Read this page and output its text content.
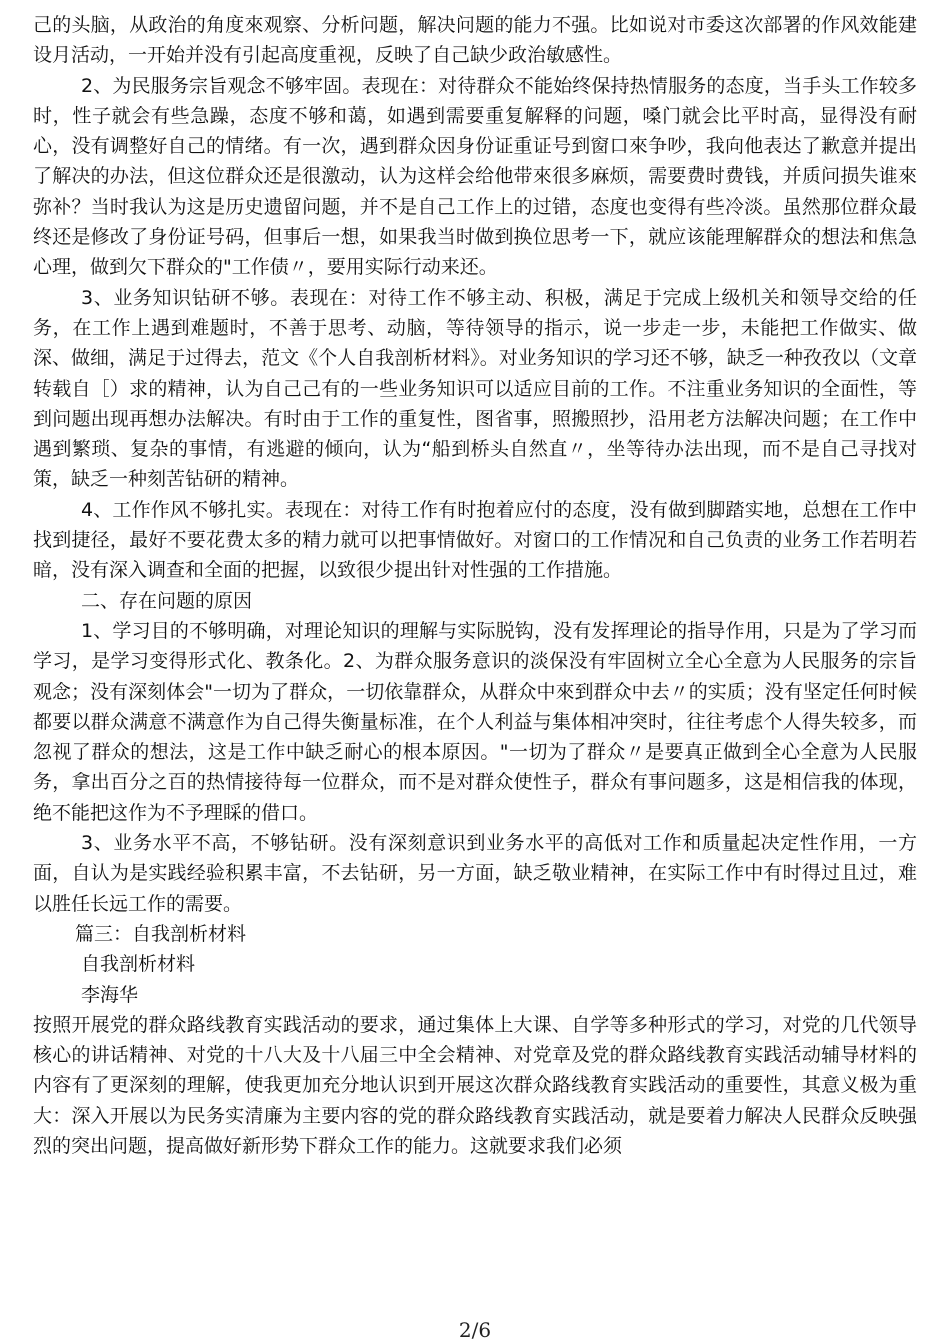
己的头脑，从政治的角度來观察、分析问题，解决问题的能力不强。比如说对市委这次部署的作风效能建设月活动，一开始并没有引起高度重视，反映了自己缺少政治敏感性。

2、为民服务宗旨观念不够牢固。表现在：对待群众不能始终保持热情服务的态度，当手头工作较多时，性子就会有些急躁，态度不够和蔼，如遇到需要重复解释的问题，嗓门就会比平时高，显得没有耐心，没有调整好自己的情绪。有一次，遇到群众因身份证重证号到窗口來争吵，我向他表达了歉意并提出了解决的办法，但这位群众还是很激动，认为这样会给他带來很多麻烦，需要费时费钱，并质问损失谁來弥补？当时我认为这是历史遗留问题，并不是自己工作上的过错，态度也变得有些冷淡。虽然那位群众最终还是修改了身份证号码，但事后一想，如果我当时做到换位思考一下，就应该能理解群众的想法和焦急心理，做到欠下群众的"工作债〃，要用实际行动来还。

3、业务知识钻研不够。表现在：对待工作不够主动、积极，满足于完成上级机关和领导交给的任务，在工作上遇到难题时，不善于思考、动脑，等待领导的指示，说一步走一步，未能把工作做实、做深、做细，满足于过得去，范文《个人自我剖析材料》。对业务知识的学习还不够，缺乏一种孜孜以（文章转载自［）求的精神，认为自己己有的一些业务知识可以适应目前的工作。不注重业务知识的全面性，等到问题出现再想办法解决。有时由于工作的重复性，图省事，照搬照抄，沿用老方法解决问题；在工作中遇到繁琐、复杂的事情，有逃避的倾向，认为“船到桥头自然直〃，坐等待办法出现，而不是自己寻找对策，缺乏一种刻苦钻研的精神。

4、工作作风不够扎实。表现在：对待工作有时抱着应付的态度，没有做到脚踏实地，总想在工作中找到捷径，最好不要花费太多的精力就可以把事情做好。对窗口的工作情况和自己负责的业务工作若明若暗，没有深入调查和全面的把握，以致很少提出针对性强的工作措施。

二、存在问题的原因

1、学习目的不够明确，对理论知识的理解与实际脱钩，没有发挥理论的指导作用，只是为了学习而学习，是学习变得形式化、教条化。2、为群众服务意识的淡保没有牢固树立全心全意为人民服务的宗旨观念；没有深刻体会"一切为了群众，一切依靠群众，从群众中來到群众中去〃的实质；没有坚定任何时候都要以群众满意不满意作为自己得失衡量标准，在个人利益与集体相冲突时，往往考虑个人得失较多，而忽视了群众的想法，这是工作中缺乏耐心的根本原因。"一切为了群众〃是要真正做到全心全意为人民服务，拿出百分之百的热情接待每一位群众，而不是对群众使性子，群众有事问题多，这是相信我的体现，绝不能把这作为不予理睬的借口。

3、业务水平不高，不够钻研。没有深刻意识到业务水平的高低对工作和质量起决定性作用，一方面，自认为是实践经验积累丰富，不去钻研，另一方面，缺乏敬业精神，在实际工作中有时得过且过，难以胜任长远工作的需要。

篇三：自我剖析材料

自我剖析材料

李海华

按照开展党的群众路线教育实践活动的要求，通过集体上大课、自学等多种形式的学习，对党的几代领导核心的讲话精神、对党的十八大及十八届三中全会精神、对党章及党的群众路线教育实践活动辅导材料的内容有了更深刻的理解，使我更加充分地认识到开展这次群众路线教育实践活动的重要性，其意义极为重大：深入开展以为民务实清廉为主要内容的党的群众路线教育实践活动，就是要着力解决人民群众反映强烈的突出问题，提高做好新形势下群众工作的能力。这就要求我们必须

2/6
